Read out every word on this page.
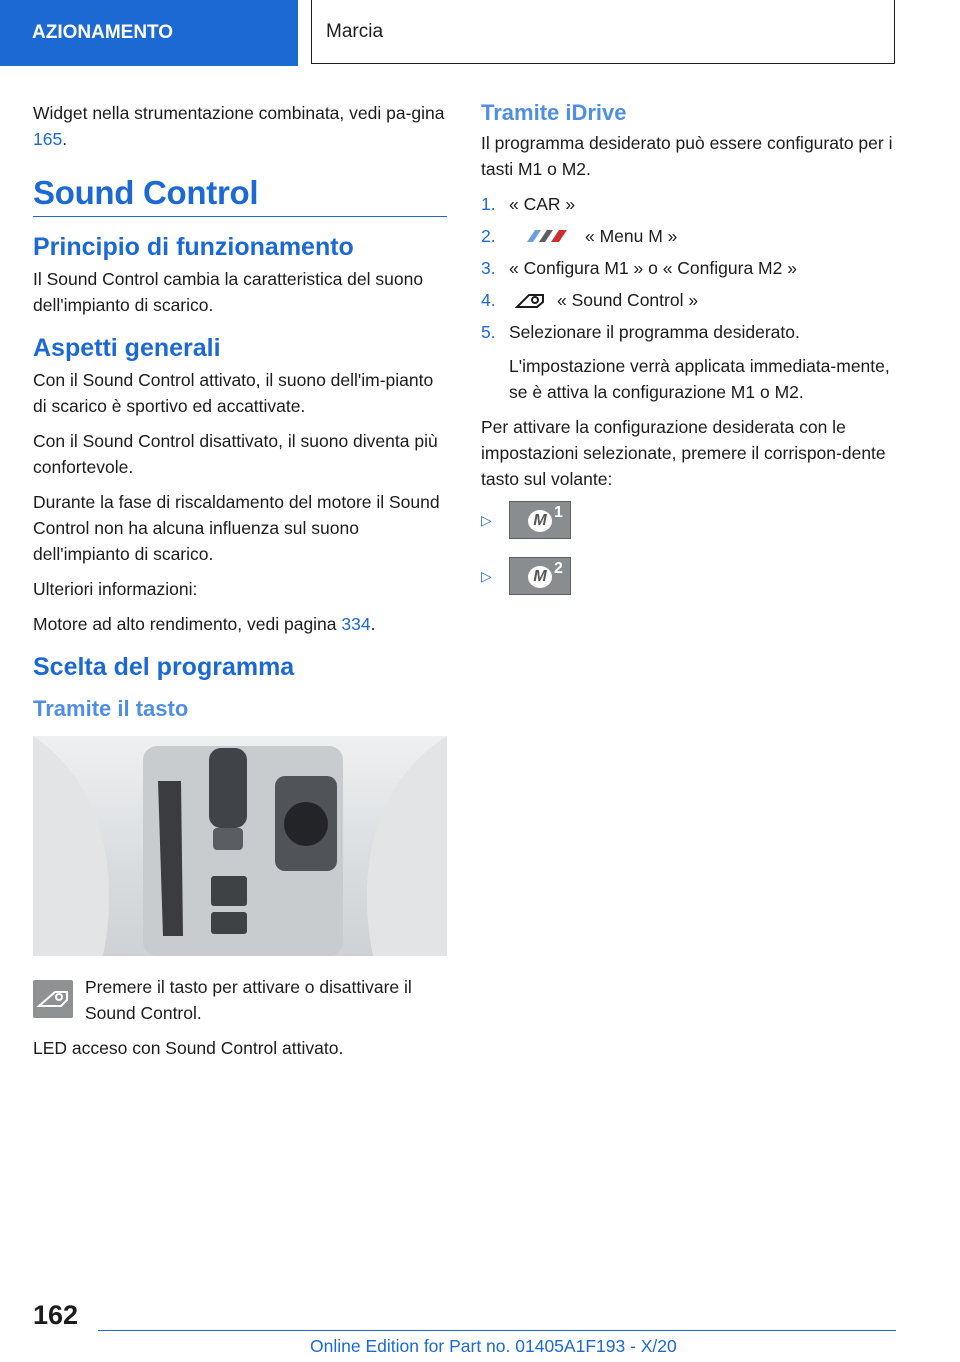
AZIONAMENTO	Marcia

Widget nella strumentazione combinata, vedi pa-gina 165.

Sound Control
Principio di funzionamento

Il Sound Control cambia la caratteristica del suono dell'impianto di scarico.

Aspetti generali

Con il Sound Control attivato, il suono dell'im-pianto di scarico è sportivo ed accattivate.

Con il Sound Control disattivato, il suono diventa più confortevole.

Durante la fase di riscaldamento del motore il Sound Control non ha alcuna influenza sul suono dell'impianto di scarico.

Ulteriori informazioni:

Motore ad alto rendimento, vedi pagina 334.

Scelta del programma
Tramite il tasto

Premere il tasto per attivare o disattivare il Sound Control.

LED acceso con Sound Control attivato.

Tramite iDrive

Il programma desiderato può essere configurato per i tasti M1 o M2.

1. « CAR »
2.	« Menu M »
3. « Configura M1 » o « Configura M2 »
4.	« Sound Control »
5. Selezionare il programma desiderato.

L'impostazione verrà applicata immediata-mente, se è attiva la configurazione M1 o M2.

Per attivare la configurazione desiderata con le impostazioni selezionate, premere il corrispon-dente tasto sul volante:

▷	M 1
▷	M 2
162
Online Edition for Part no. 01405A1F193 - X/20
